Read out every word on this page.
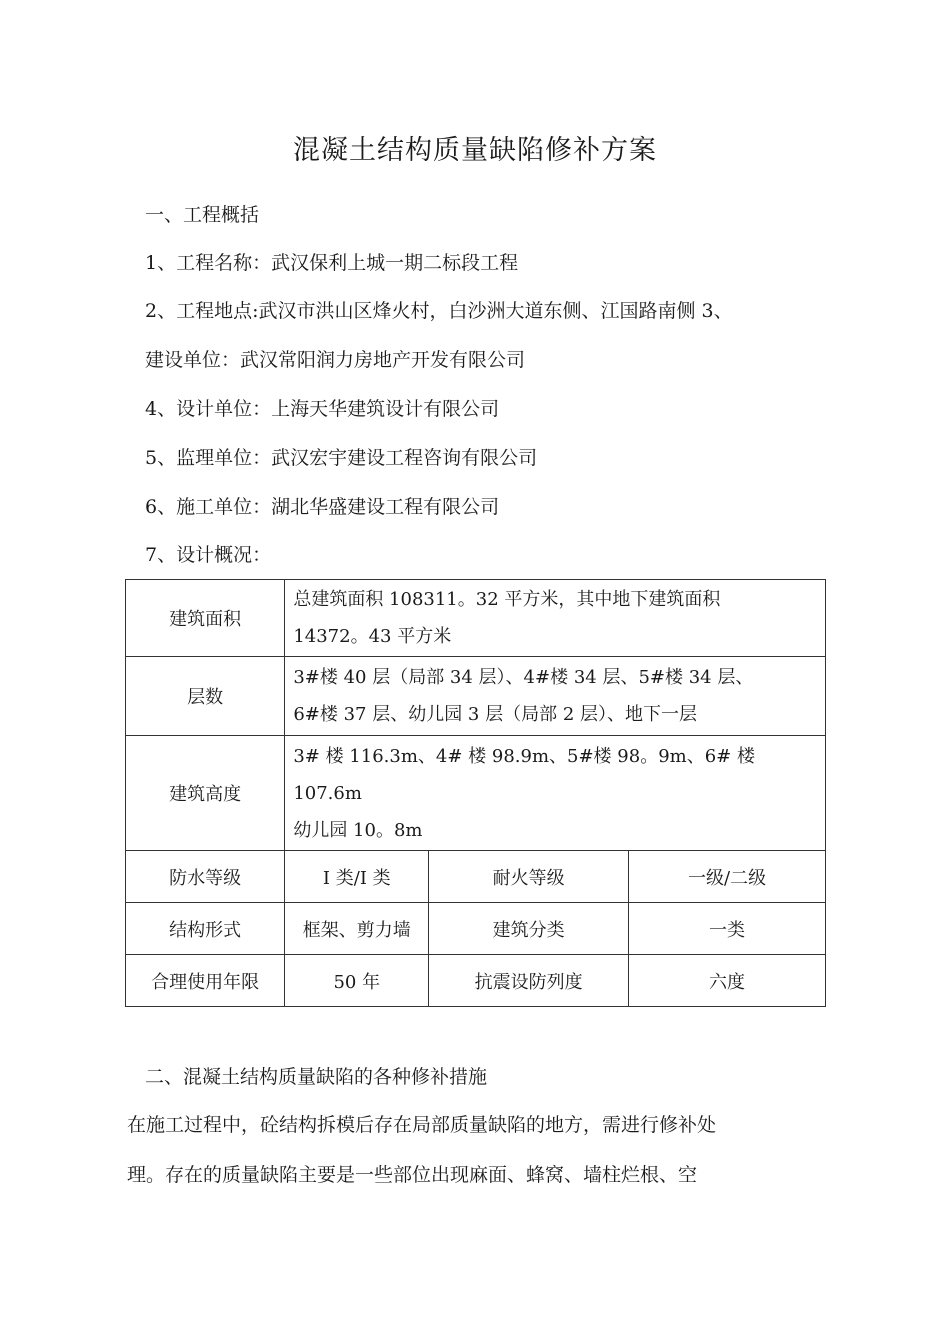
混凝土结构质量缺陷修补方案
一、工程概括
1、工程名称：武汉保利上城一期二标段工程
2、工程地点:武汉市洪山区烽火村，白沙洲大道东侧、江国路南侧 3、
建设单位：武汉常阳润力房地产开发有限公司
4、设计单位：上海天华建筑设计有限公司
5、监理单位：武汉宏宇建设工程咨询有限公司
6、施工单位：湖北华盛建设工程有限公司
7、设计概况：
建筑面积	总建筑面积 108311。32 平方米，其中地下建筑面积
14372。43 平方米		

层数	3#楼 40 层（局部 34 层）、4#楼 34 层、5#楼 34 层、
6#楼 37 层、幼儿园 3 层（局部 2 层）、地下一层		

建筑高度	3# 楼 116.3m、4# 楼 98.9m、5#楼 98。9m、6# 楼
107.6m
幼儿园 10。8m		

防水等级	I 类/I 类	耐火等级	一级/二级
结构形式	框架、剪力墙	建筑分类	一类
合理使用年限	50 年	抗震设防列度	六度
二、混凝土结构质量缺陷的各种修补措施
在施工过程中，砼结构拆模后存在局部质量缺陷的地方，需进行修补处
理。存在的质量缺陷主要是一些部位出现麻面、蜂窝、墙柱烂根、空
